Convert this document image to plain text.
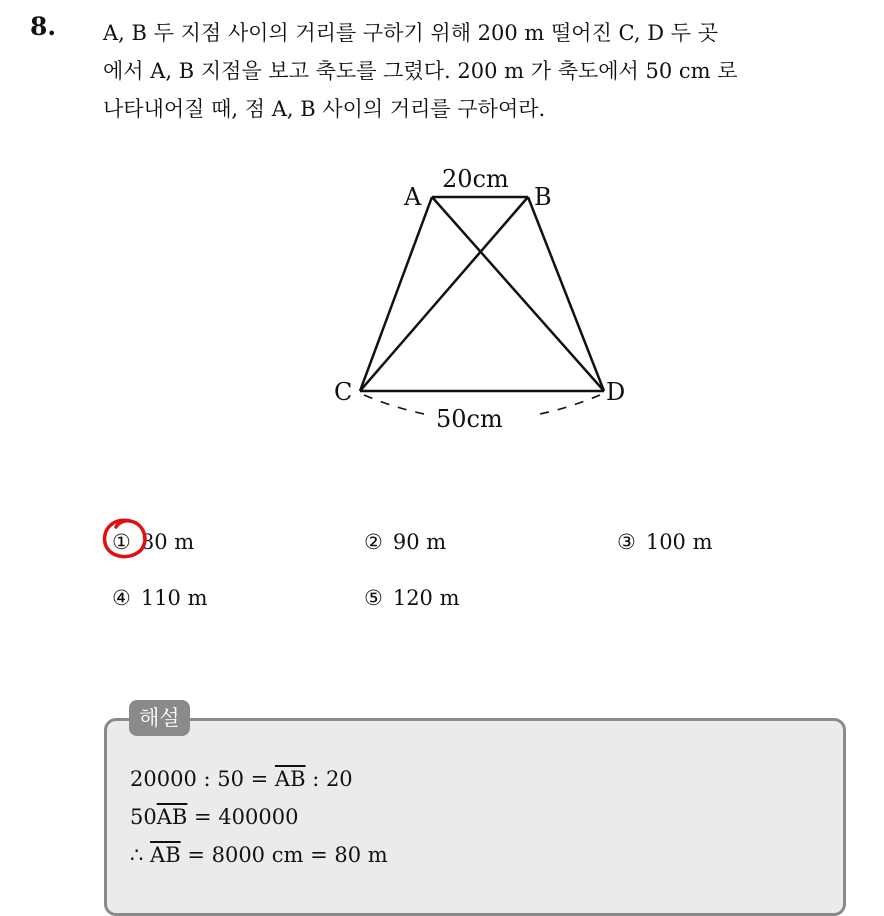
8. A, B 두 지점 사이의 거리를 구하기 위해 200 m 떨어진 C, D 두 곳
에서 A, B 지점을 보고 축도를 그렸다. 200 m 가 축도에서 50 cm 로
나타내어질 때, 점 A, B 사이의 거리를 구하여라.
A	B
C	D
20cm
50cm
① 80 m	② 90 m	③ 100 m
④ 110 m	⑤ 120 m
해설
20000 : $50 = \overline{AB}$ : 20
$50\overline{AB} = 400000$
∴ $\overline{AB} = 8000$ cm = 80 m
